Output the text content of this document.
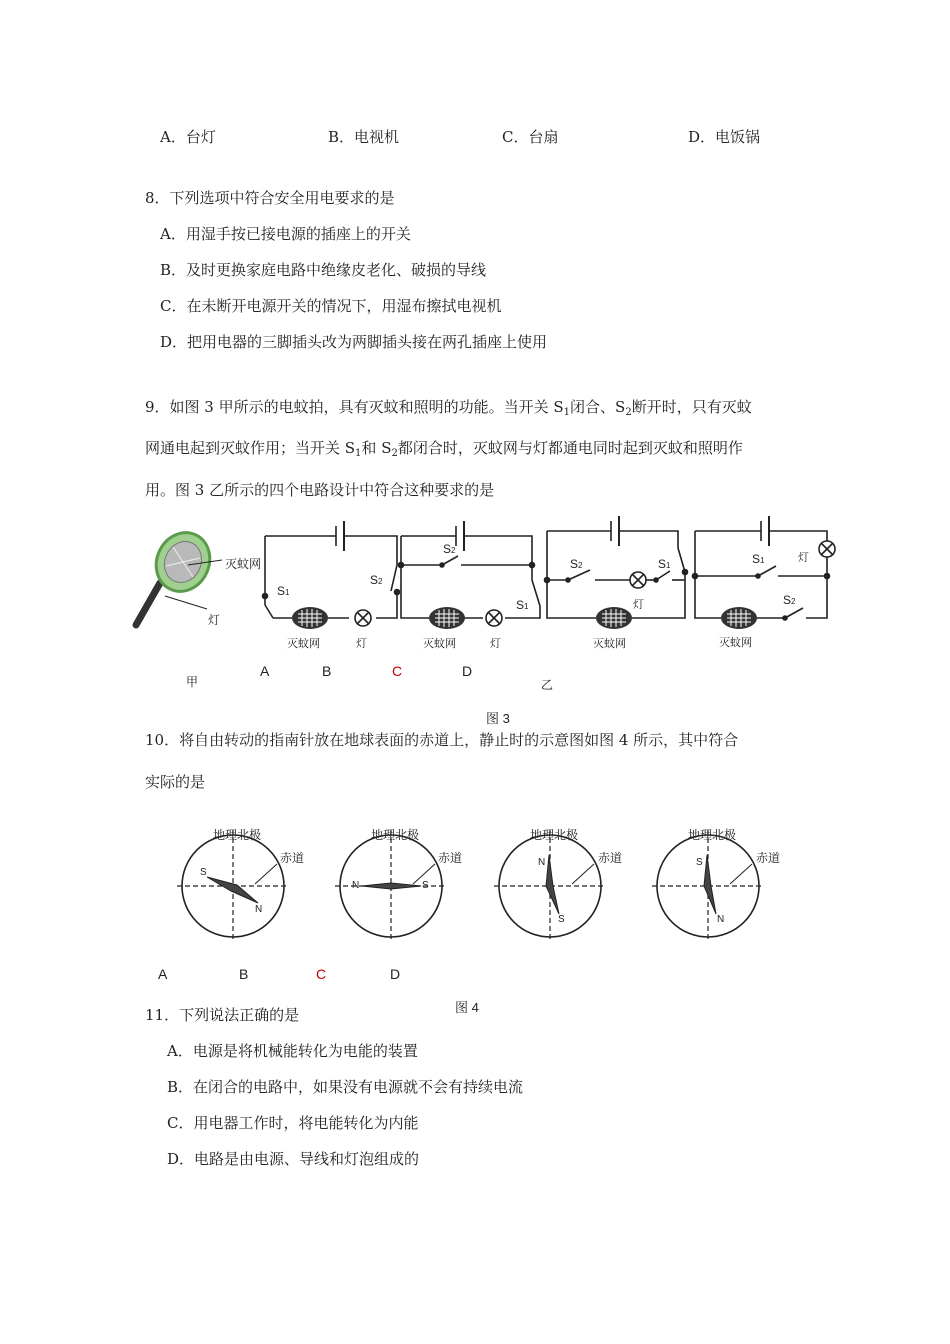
A．台灯	B．电视机	C．台扇	D．电饭锅
8．下列选项中符合安全用电要求的是
A．用湿手按已接电源的插座上的开关
B．及时更换家庭电路中绝缘皮老化、破损的导线
C．在未断开电源开关的情况下，用湿布擦拭电视机
D．把用电器的三脚插头改为两脚插头接在两孔插座上使用
9．如图 3 甲所示的电蚊拍，具有灭蚊和照明的功能。当开关 $S_1$闭合、$S_2$断开时，只有灭蚊
网通电起到灭蚊作用；当开关 $S_1$和 $S_2$都闭合时，灭蚊网与灯都通电同时起到灭蚊和照明作
用。图 3 乙所示的四个电路设计中符合这种要求的是
灭蚊网
灯
甲	乙
S1
S2
灭蚊网	灯
S2
S1
灭蚊网	灯
S2	S1
灯
灭蚊网
S1	灯
S2
灭蚊网
A	B	C	D
图 3
10．将自由转动的指南针放在地球表面的赤道上，静止时的示意图如图 4 所示，其中符合
实际的是
地理北极	地理北极	地理北极	地理北极
赤道	赤道	赤道	赤道
S
N
N	S
N
S
S
N
A	B	C	D
图 4
11．下列说法正确的是
A．电源是将机械能转化为电能的装置
B．在闭合的电路中，如果没有电源就不会有持续电流
C．用电器工作时，将电能转化为内能
D．电路是由电源、导线和灯泡组成的
